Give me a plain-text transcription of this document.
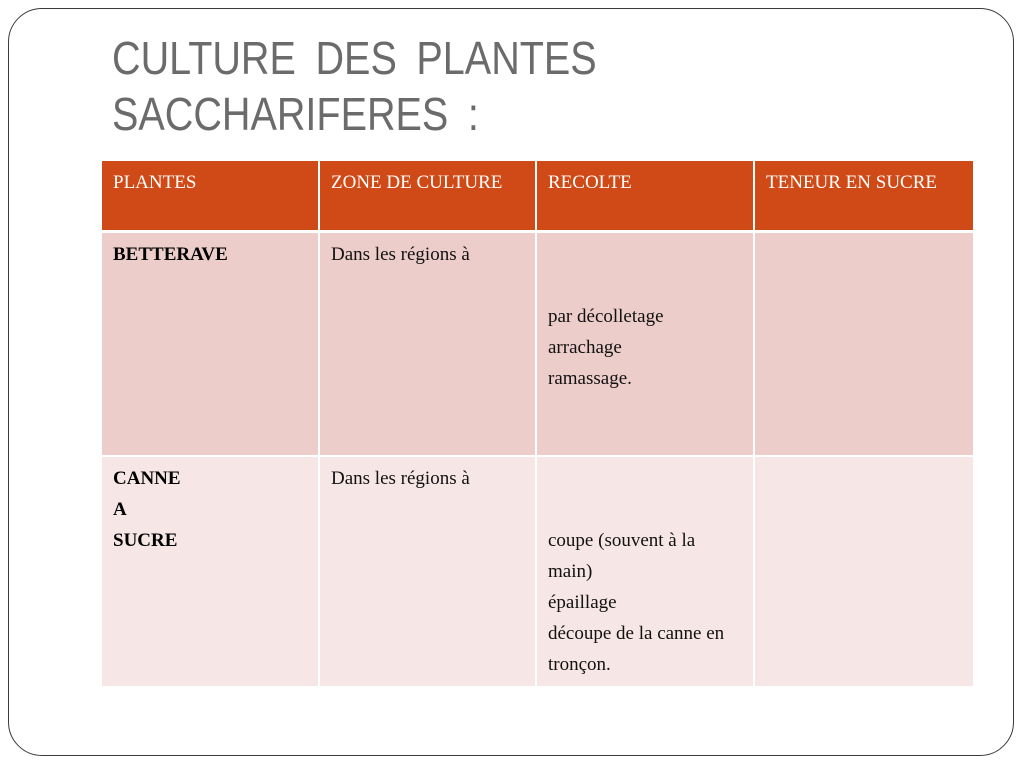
CULTURE DES PLANTES
SACCHARIFERES :
PLANTES	ZONE DE CULTURE	RECOLTE	TENEUR EN SUCRE

BETTERAVE	Dans les régions à	par décolletage
arrachage
ramassage.	

CANNE
A
SUCRE	Dans les régions à	coupe (souvent à la main)
épaillage
découpe de la canne en tronçon.	
